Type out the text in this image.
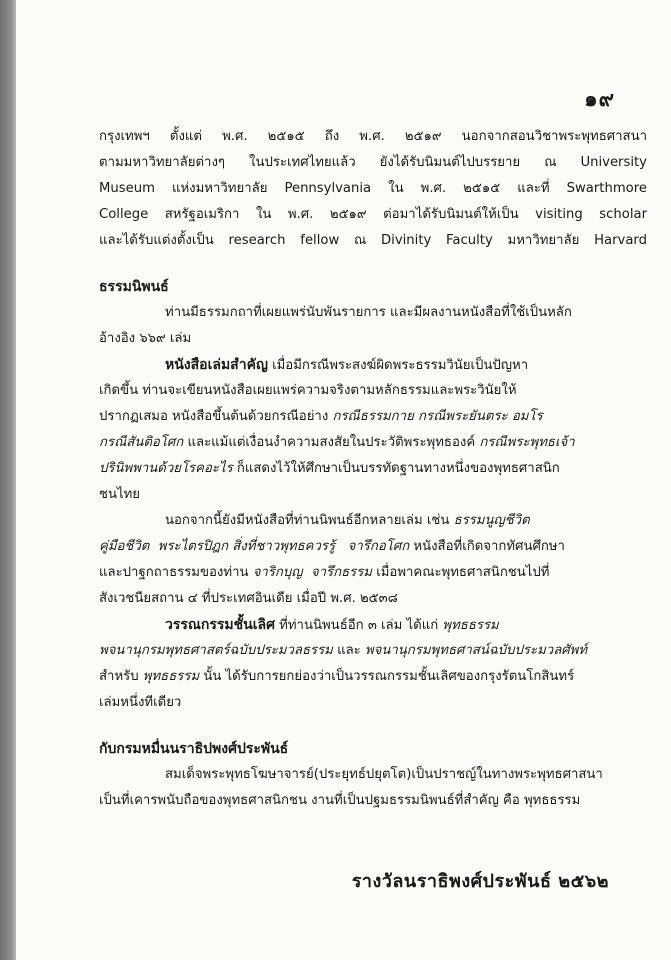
๑๙
กรุงเทพฯ ตั้งแต่ พ.ศ. ๒๕๑๕ ถึง พ.ศ. ๒๕๑๙ นอกจากสอนวิชาพระพุทธศาสนา
ตามมหาวิทยาลัยต่างๆ ในประเทศไทยแล้ว ยังได้รับนิมนต์ไปบรรยาย ณ University
Museum แห่งมหาวิทยาลัย Pennsylvania ใน พ.ศ. ๒๕๑๕ และที่ Swarthmore
College สหรัฐอเมริกา ใน พ.ศ. ๒๕๑๙ ต่อมาได้รับนิมนต์ให้เป็น visiting scholar
และได้รับแต่งตั้งเป็น research fellow ณ Divinity Faculty มหาวิทยาลัย Harvard
ธรรมนิพนธ์
ท่านมีธรรมกถาที่เผยแพร่นับพันรายการ และมีผลงานหนังสือที่ใช้เป็นหลัก
อ้างอิง ๖๖๙ เล่ม
หนังสือเล่มสำคัญ เมื่อมีกรณีพระสงฆ์ผิดพระธรรมวินัยเป็นปัญหา
เกิดขึ้น ท่านจะเขียนหนังสือเผยแพร่ความจริงตามหลักธรรมและพระวินัยให้
ปรากฏเสมอ หนังสือขึ้นต้นด้วยกรณีอย่าง กรณีธรรมกาย กรณีพระยันตระ อมโร
กรณีสันติอโศก และแม้แต่เงื่อนงำความสงสัยในประวัติพระพุทธองค์ กรณีพระพุทธเจ้า
ปรินิพพานด้วยโรคอะไร ก็แสดงไว้ให้ศึกษาเป็นบรรทัดฐานทางหนึ่งของพุทธศาสนิก
ชนไทย
นอกจากนี้ยังมีหนังสือที่ท่านนิพนธ์อีกหลายเล่ม เช่น ธรรมนูญชีวิต
คู่มือชีวิต พระไตรปิฎก สิ่งที่ชาวพุทธควรรู้ จารึกอโศก หนังสือที่เกิดจากทัศนศึกษา
และปาฐกถาธรรมของท่าน จาริกบุญ จารึกธรรม เมื่อพาคณะพุทธศาสนิกชนไปที่
สังเวชนียสถาน ๔ ที่ประเทศอินเดีย เมื่อปี พ.ศ. ๒๕๓๘
วรรณกรรมชั้นเลิศ ที่ท่านนิพนธ์อีก ๓ เล่ม ได้แก่ พุทธธรรม
พจนานุกรมพุทธศาสตร์ฉบับประมวลธรรม และ พจนานุกรมพุทธศาสน์ฉบับประมวลศัพท์
สำหรับ พุทธธรรม นั้น ได้รับการยกย่องว่าเป็นวรรณกรรมชั้นเลิศของกรุงรัตนโกสินทร์
เล่มหนึ่งทีเดียว
กับกรมหมื่นนราธิปพงศ์ประพันธ์
สมเด็จพระพุทธโฆษาจารย์(ประยุทธ์ปยุตโต)เป็นปราชญ์ในทางพระพุทธศาสนา
เป็นที่เคารพนับถือของพุทธศาสนิกชน งานที่เป็นปฐมธรรมนิพนธ์ที่สำคัญ คือ พุทธธรรม
รางวัลนราธิพงศ์ประพันธ์ ๒๕๖๒
